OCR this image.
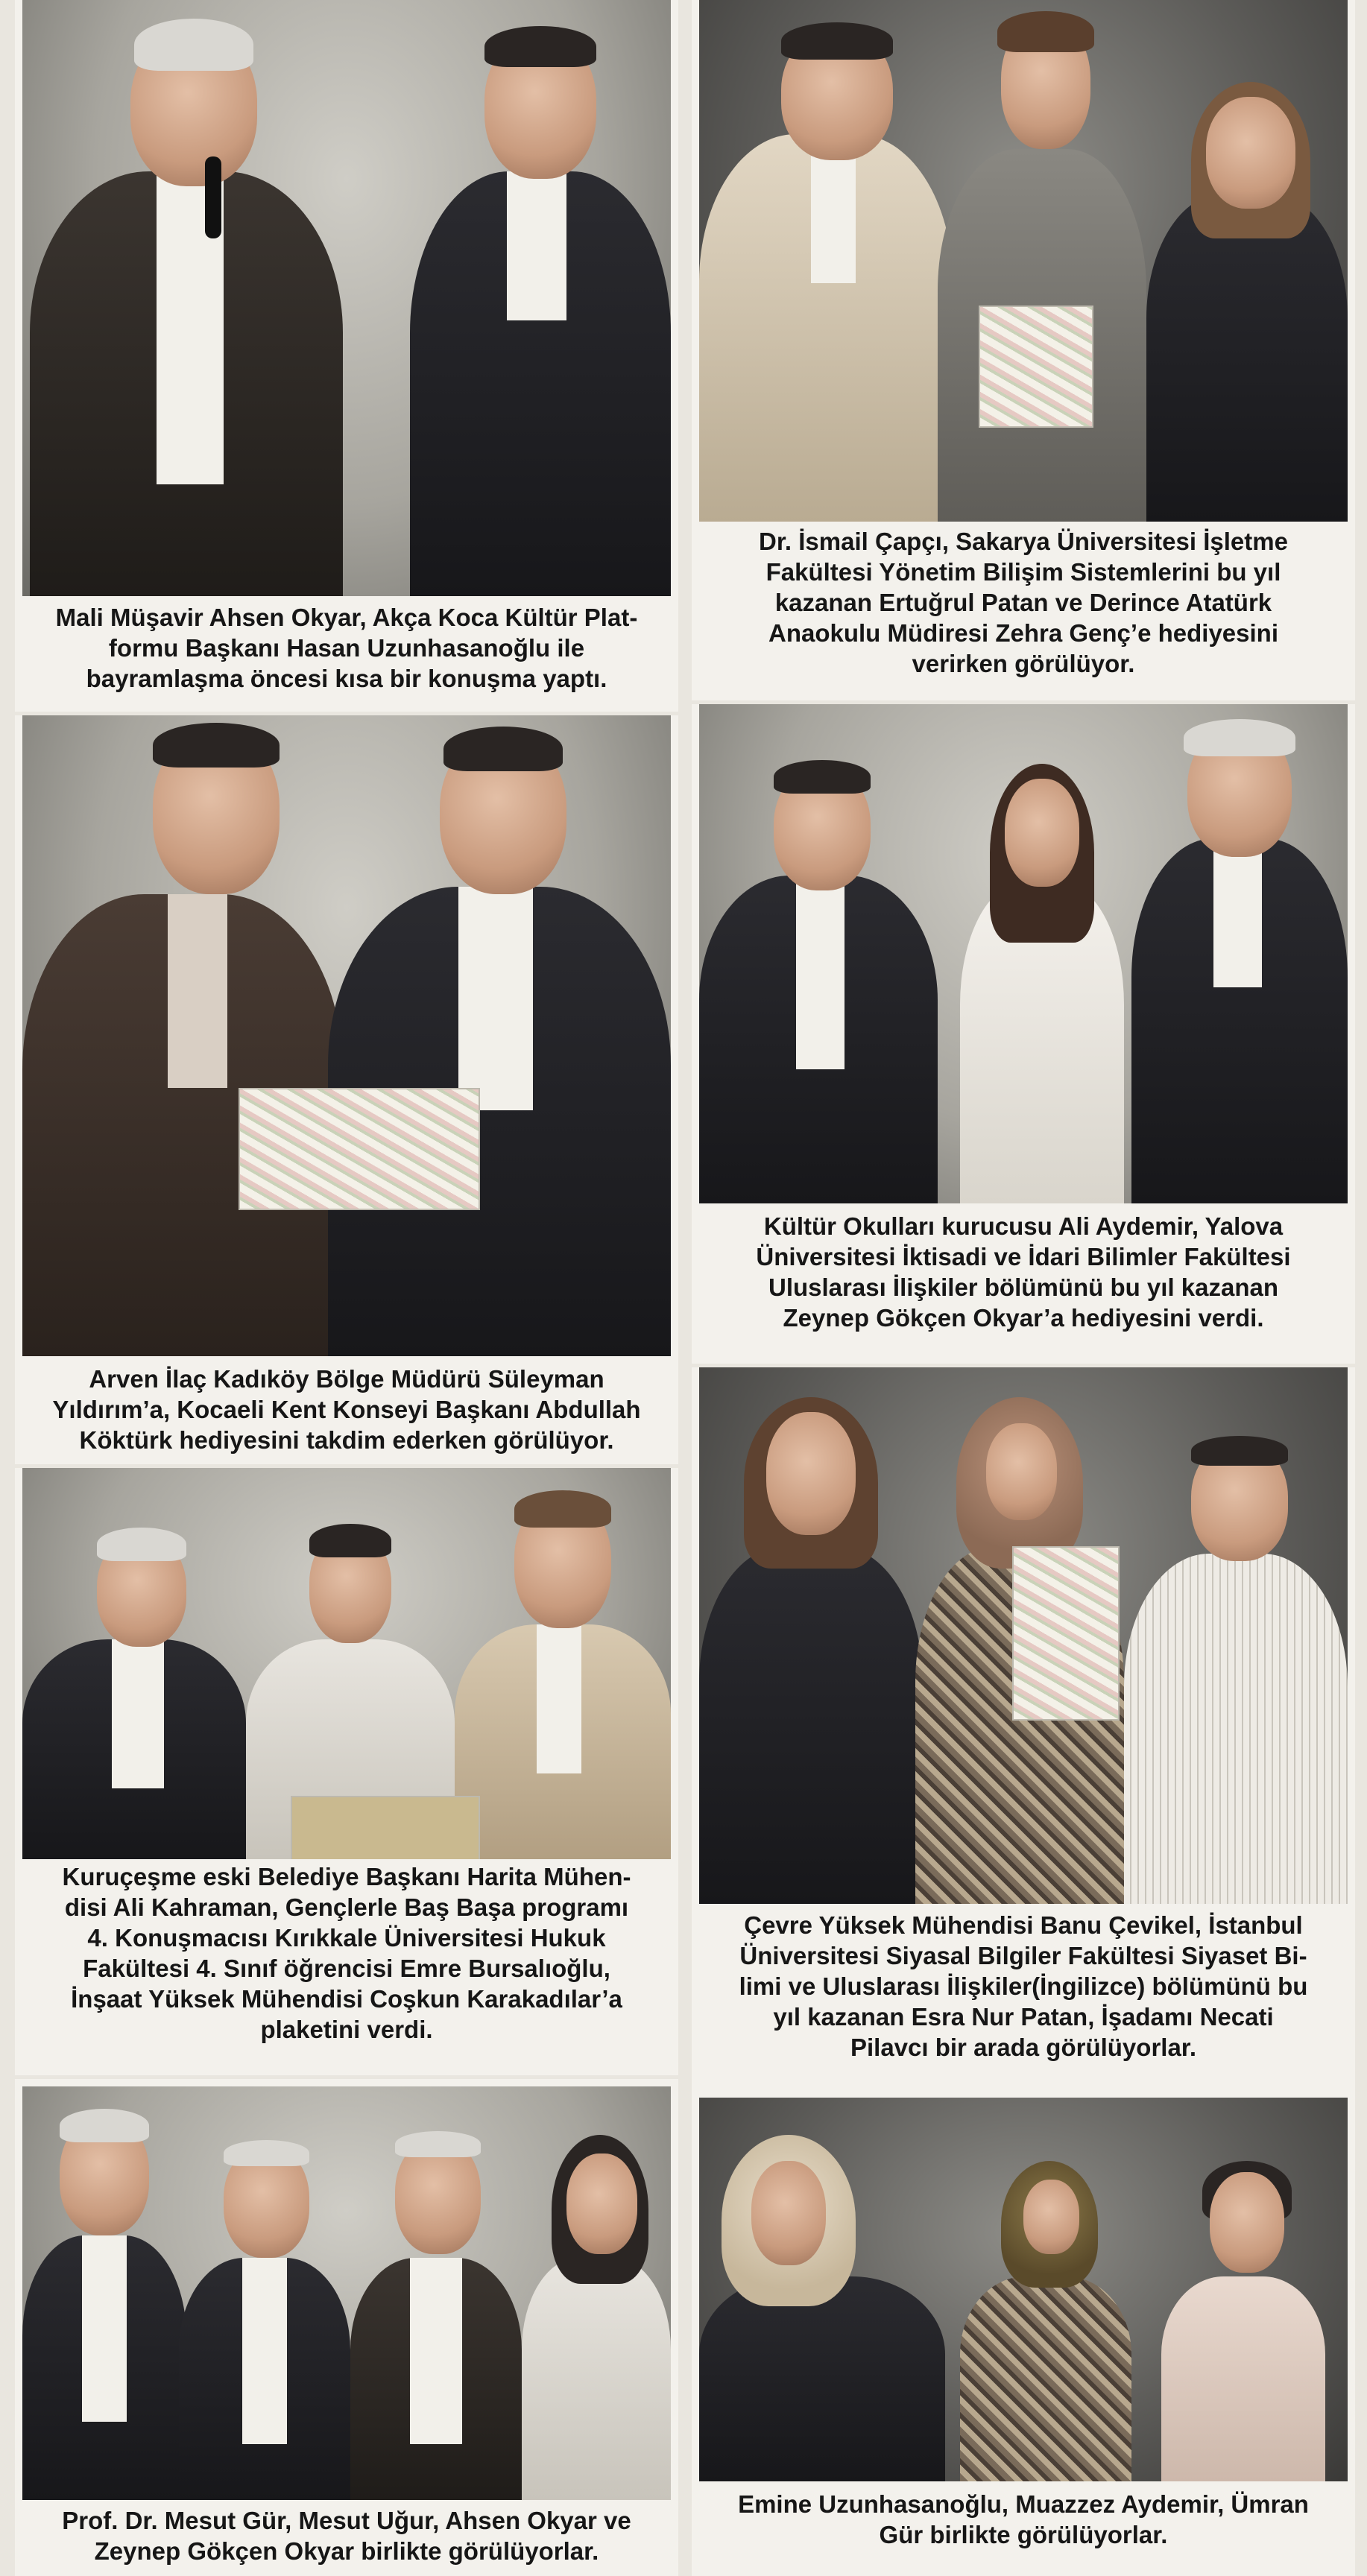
Mali Müşavir Ahsen Okyar, Akça Koca Kültür Plat-
formu Başkanı Hasan Uzunhasanoğlu ile
bayramlaşma öncesi kısa bir konuşma yaptı.
Arven İlaç Kadıköy Bölge Müdürü Süleyman
Yıldırım’a, Kocaeli Kent Konseyi Başkanı Abdullah
Köktürk hediyesini takdim ederken görülüyor.
Kuruçeşme eski Belediye Başkanı Harita Mühen-
disi Ali Kahraman, Gençlerle Baş Başa programı
4. Konuşmacısı Kırıkkale Üniversitesi Hukuk
Fakültesi 4. Sınıf öğrencisi Emre Bursalıoğlu,
İnşaat Yüksek Mühendisi Coşkun Karakadılar’a
plaketini verdi.
Prof. Dr. Mesut Gür, Mesut Uğur, Ahsen Okyar ve
Zeynep Gökçen Okyar birlikte görülüyorlar.
Dr. İsmail Çapçı, Sakarya Üniversitesi İşletme
Fakültesi Yönetim Bilişim Sistemlerini bu yıl
kazanan Ertuğrul Patan ve Derince Atatürk
Anaokulu Müdiresi Zehra Genç’e hediyesini
verirken görülüyor.
Kültür Okulları kurucusu Ali Aydemir, Yalova
Üniversitesi İktisadi ve İdari Bilimler Fakültesi
Uluslarası İlişkiler bölümünü bu yıl kazanan
Zeynep Gökçen Okyar’a hediyesini verdi.
Çevre Yüksek Mühendisi Banu Çevikel, İstanbul
Üniversitesi Siyasal Bilgiler Fakültesi Siyaset Bi-
limi ve Uluslarası İlişkiler(İngilizce) bölümünü bu
yıl kazanan Esra Nur Patan, İşadamı Necati
Pilavcı bir arada görülüyorlar.
Emine Uzunhasanoğlu, Muazzez Aydemir, Ümran
Gür birlikte görülüyorlar.
